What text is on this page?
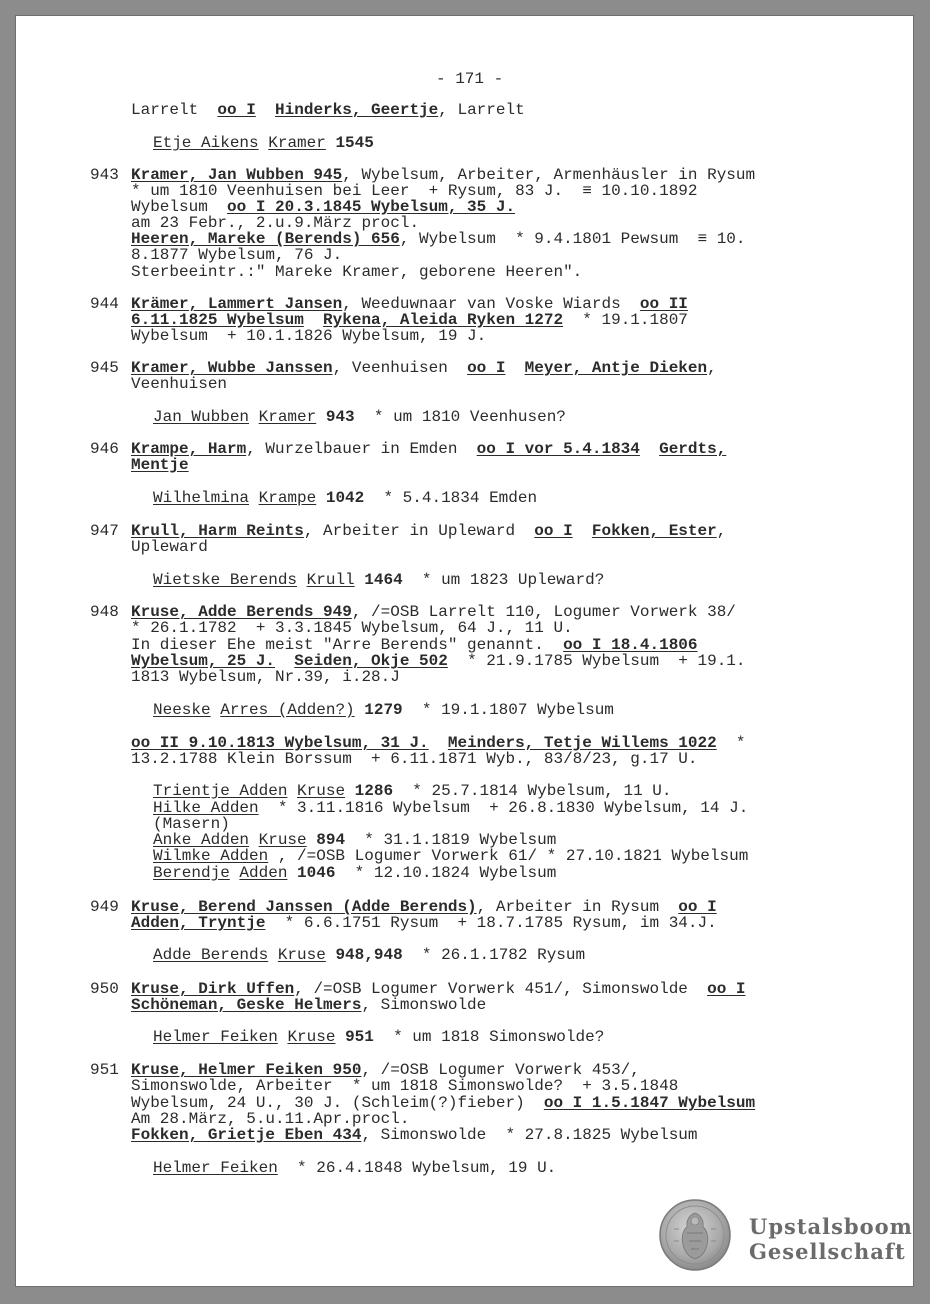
- 171 -
Larrelt oo I Hinderks, Geertje, Larrelt
Etje Aikens Kramer 1545
943 Kramer, Jan Wubben 945, Wybelsum, Arbeiter, Armenhäusler in Rysum
* um 1810 Veenhuisen bei Leer  + Rysum, 83 J.  ≡ 10.10.1892
Wybelsum  oo I 20.3.1845 Wybelsum, 35 J.
am 23 Febr., 2.u.9.März procl.
Heeren, Mareke (Berends) 656, Wybelsum  * 9.4.1801 Pewsum  ≡ 10.
8.1877 Wybelsum, 76 J.
Sterbeeintr.:" Mareke Kramer, geborene Heeren".
944 Krämer, Lammert Jansen, Weeduwnaar van Voske Wiards  oo II
6.11.1825 Wybelsum Rykena, Aleida Ryken 1272  * 19.1.1807
Wybelsum  + 10.1.1826 Wybelsum, 19 J.
945 Kramer, Wubbe Janssen, Veenhuisen  oo I Meyer, Antje Dieken,
Veenhuisen
Jan Wubben Kramer 943  * um 1810 Veenhusen?
946 Krampe, Harm, Wurzelbauer in Emden  oo I vor 5.4.1834 Gerdts,
Mentje
Wilhelmina Krampe 1042  * 5.4.1834 Emden
947 Krull, Harm Reints, Arbeiter in Upleward  oo I Fokken, Ester,
Upleward
Wietske Berends Krull 1464  * um 1823 Upleward?
948 Kruse, Adde Berends 949, /=OSB Larrelt 110, Logumer Vorwerk 38/
* 26.1.1782  + 3.3.1845 Wybelsum, 64 J., 11 U.
In dieser Ehe meist "Arre Berends" genannt.  oo I 18.4.1806
Wybelsum, 25 J. Seiden, Okje 502  * 21.9.1785 Wybelsum  + 19.1.
1813 Wybelsum, Nr.39, i.28.J
Neeske Arres (Adden?) 1279  * 19.1.1807 Wybelsum
oo II 9.10.1813 Wybelsum, 31 J. Meinders, Tetje Willems 1022  *
13.2.1788 Klein Borssum  + 6.11.1871 Wyb., 83/8/23, g.17 U.
Trientje Adden Kruse 1286  * 25.7.1814 Wybelsum, 11 U.
Hilke Adden  * 3.11.1816 Wybelsum  + 26.8.1830 Wybelsum, 14 J.
(Masern)
Anke Adden Kruse 894  * 31.1.1819 Wybelsum
Wilmke Adden , /=OSB Logumer Vorwerk 61/ * 27.10.1821 Wybelsum
Berendje Adden 1046  * 12.10.1824 Wybelsum
949 Kruse, Berend Janssen (Adde Berends), Arbeiter in Rysum  oo I
Adden, Tryntje  * 6.6.1751 Rysum  + 18.7.1785 Rysum, im 34.J.
Adde Berends Kruse 948,948  * 26.1.1782 Rysum
950 Kruse, Dirk Uffen, /=OSB Logumer Vorwerk 451/, Simonswolde  oo I
Schöneman, Geske Helmers, Simonswolde
Helmer Feiken Kruse 951  * um 1818 Simonswolde?
951 Kruse, Helmer Feiken 950, /=OSB Logumer Vorwerk 453/,
Simonswolde, Arbeiter  * um 1818 Simonswolde?  + 3.5.1848
Wybelsum, 24 U., 30 J. (Schleim(?)fieber)  oo I 1.5.1847 Wybelsum
Am 28.März, 5.u.11.Apr.procl.
Fokken, Grietje Eben 434, Simonswolde  * 27.8.1825 Wybelsum
Helmer Feiken  * 26.4.1848 Wybelsum, 19 U.
Upstalsboom
Gesellschaft
